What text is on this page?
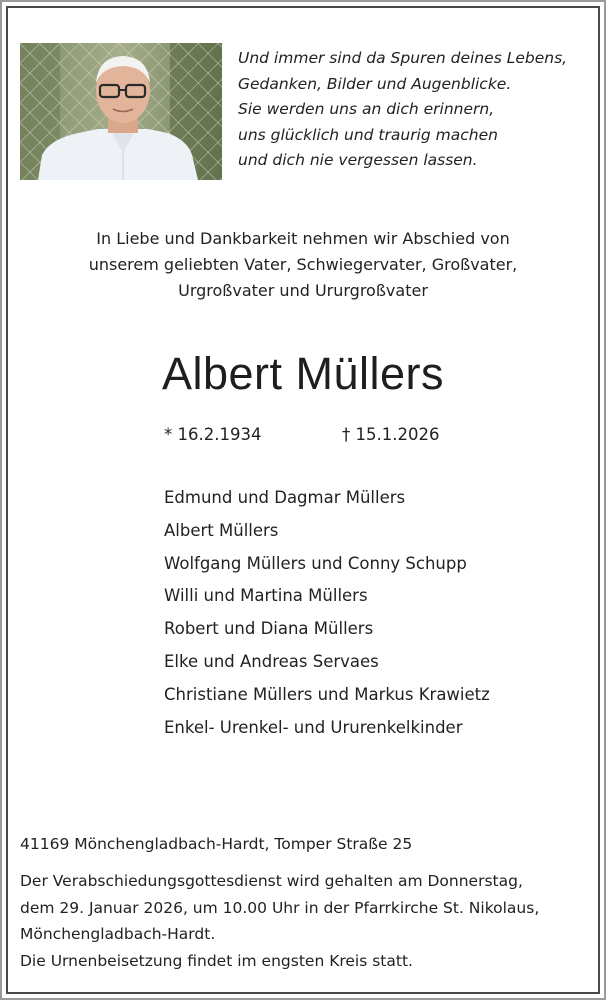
Und immer sind da Spuren deines Lebens,
Gedanken, Bilder und Augenblicke.
Sie werden uns an dich erinnern,
uns glücklich und traurig machen
und dich nie vergessen lassen.
In Liebe und Dankbarkeit nehmen wir Abschied von
unserem geliebten Vater, Schwiegervater, Großvater,
Urgroßvater und Ururgroßvater
Albert Müllers
* 16.2.1934	† 15.1.2026
Edmund und Dagmar Müllers
Albert Müllers
Wolfgang Müllers und Conny Schupp
Willi und Martina Müllers
Robert und Diana Müllers
Elke und Andreas Servaes
Christiane Müllers und Markus Krawietz
Enkel- Urenkel- und Ururenkelkinder
41169 Mönchengladbach-Hardt, Tomper Straße 25
Der Verabschiedungsgottesdienst wird gehalten am Donnerstag,
dem 29. Januar 2026, um 10.00 Uhr in der Pfarrkirche St. Nikolaus,
Mönchengladbach-Hardt.
Die Urnenbeisetzung findet im engsten Kreis statt.
